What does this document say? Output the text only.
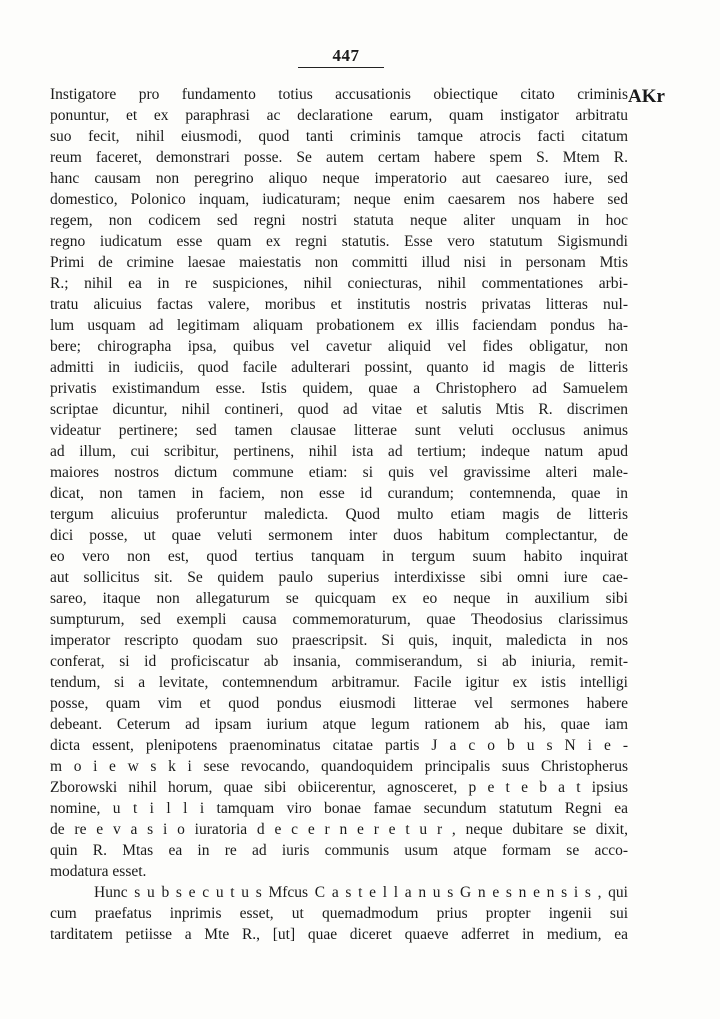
447
AKr
Instigatore pro fundamento totius accusationis obiectique citato criminis
ponuntur, et ex paraphrasi ac declaratione earum, quam instigator arbitratu
suo fecit, nihil eiusmodi, quod tanti criminis tamque atrocis facti citatum
reum faceret, demonstrari posse. Se autem certam habere spem S. Mtem R.
hanc causam non peregrino aliquo neque imperatorio aut caesareo iure, sed
domestico, Polonico inquam, iudicaturam; neque enim caesarem nos habere sed
regem, non codicem sed regni nostri statuta neque aliter unquam in hoc
regno iudicatum esse quam ex regni statutis. Esse vero statutum Sigismundi
Primi de crimine laesae maiestatis non committi illud nisi in personam Mtis
R.; nihil ea in re suspiciones, nihil coniecturas, nihil commentationes arbi-
tratu alicuius factas valere, moribus et institutis nostris privatas litteras nul-
lum usquam ad legitimam aliquam probationem ex illis faciendam pondus ha-
bere; chirographa ipsa, quibus vel cavetur aliquid vel fides obligatur, non
admitti in iudiciis, quod facile adulterari possint, quanto id magis de litteris
privatis existimandum esse. Istis quidem, quae a Christophero ad Samuelem
scriptae dicuntur, nihil contineri, quod ad vitae et salutis Mtis R. discrimen
videatur pertinere; sed tamen clausae litterae sunt veluti occlusus animus
ad illum, cui scribitur, pertinens, nihil ista ad tertium; indeque natum apud
maiores nostros dictum commune etiam: si quis vel gravissime alteri male-
dicat, non tamen in faciem, non esse id curandum; contemnenda, quae in
tergum alicuius proferuntur maledicta. Quod multo etiam magis de litteris
dici posse, ut quae veluti sermonem inter duos habitum complectantur, de
eo vero non est, quod tertius tanquam in tergum suum habito inquirat
aut sollicitus sit. Se quidem paulo superius interdixisse sibi omni iure cae-
sareo, itaque non allegaturum se quicquam ex eo neque in auxilium sibi
sumpturum, sed exempli causa commemoraturum, quae Theodosius clarissimus
imperator rescripto quodam suo praescripsit. Si quis, inquit, maledicta in nos
conferat, si id proficiscatur ab insania, commiserandum, si ab iniuria, remit-
tendum, si a levitate, contemnendum arbitramur. Facile igitur ex istis intelligi
posse, quam vim et quod pondus eiusmodi litterae vel sermones habere
debeant. Ceterum ad ipsam iurium atque legum rationem ab his, quae iam
dicta essent, plenipotens praenominatus citatae partis J a c o b u s N i e -
m o i e w s k i sese revocando, quandoquidem principalis suus Christopherus
Zborowski nihil horum, quae sibi obiicerentur, agnosceret, p e t e b a t ipsius
nomine, u t i l l i tamquam viro bonae famae secundum statutum Regni ea
de re e v a s i o iuratoria d e c e r n e r e t u r , neque dubitare se dixit,
quin R. Mtas ea in re ad iuris communis usum atque formam se acco-
modatura esset.
Hunc s u b s e c u t u s Mfcus C a s t e l l a n u s G n e s n e n s i s , qui
cum praefatus inprimis esset, ut quemadmodum prius propter ingenii sui
tarditatem petiisse a Mte R., [ut] quae diceret quaeve adferret in medium, ea
